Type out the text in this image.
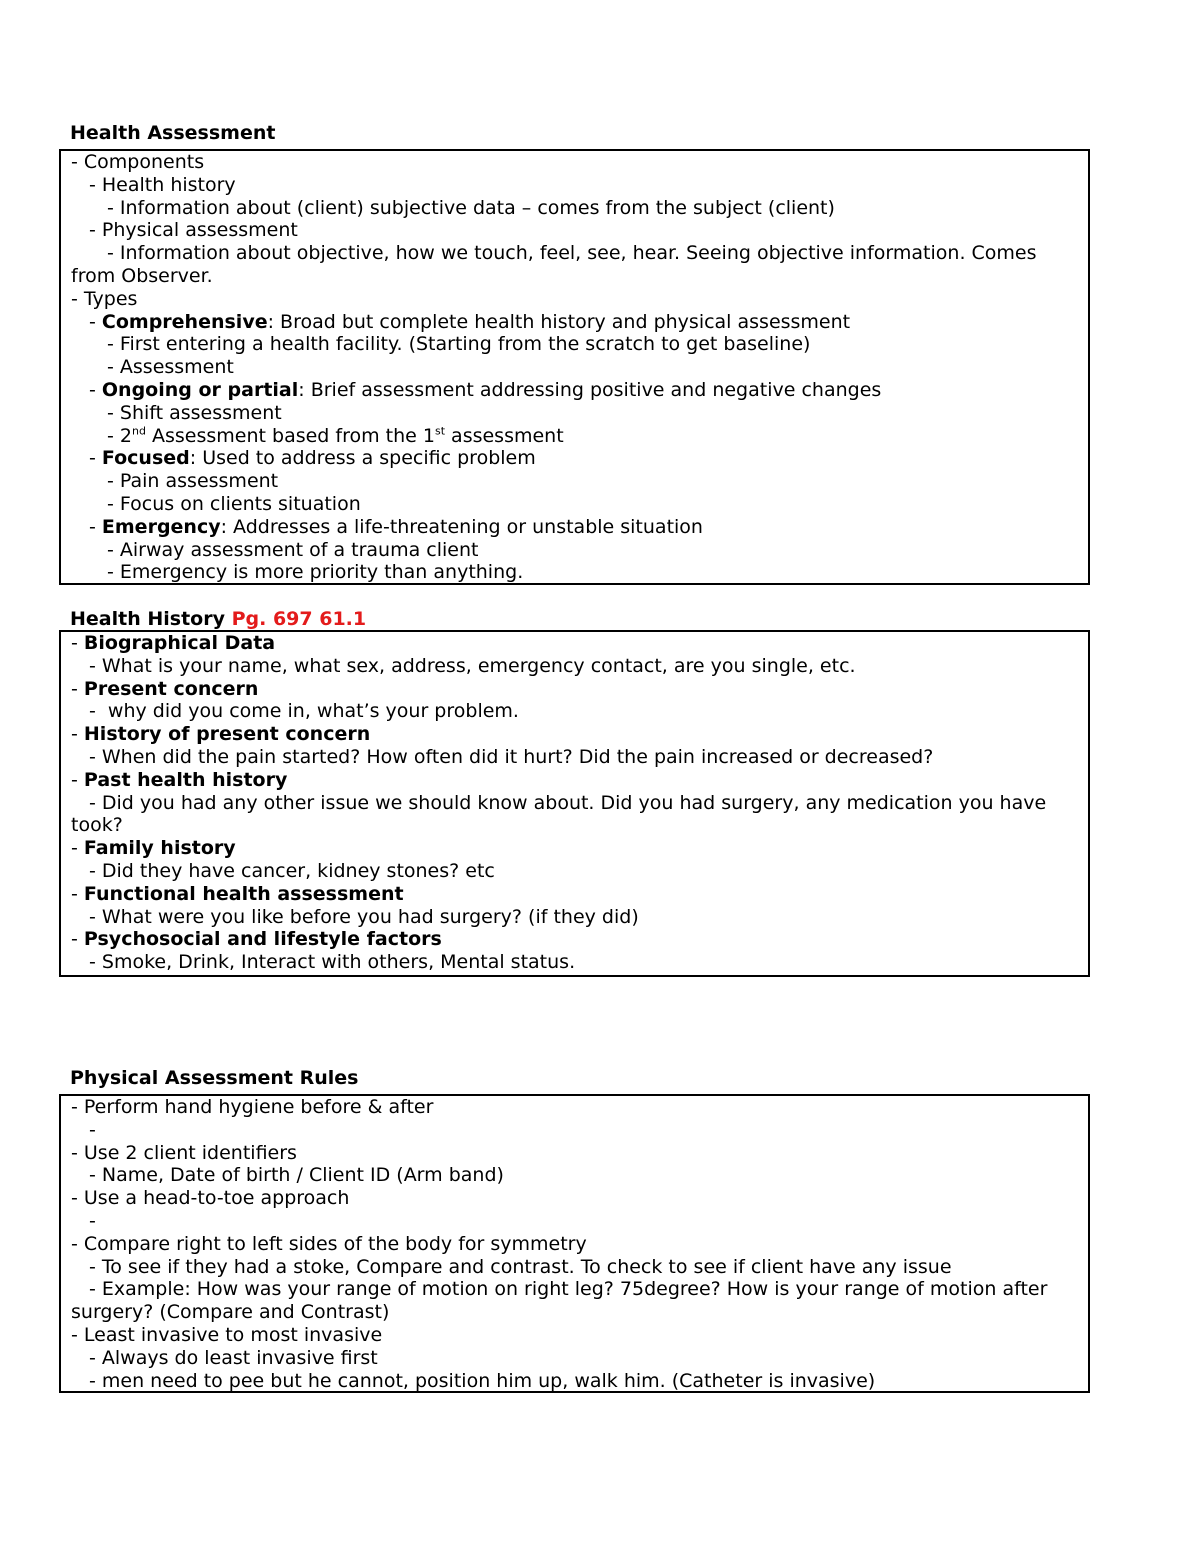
Health Assessment

- Components

- Health history

- Information about (client) subjective data – comes from the subject (client)

- Physical assessment

- Information about objective, how we touch, feel, see, hear. Seeing objective information. Comes from Observer.

- Types

- Comprehensive: Broad but complete health history and physical assessment

- First entering a health facility. (Starting from the scratch to get baseline)

- Assessment

- Ongoing or partial: Brief assessment addressing positive and negative changes

- Shift assessment

- 2nd Assessment based from the 1st assessment

- Focused: Used to address a specific problem

- Pain assessment

- Focus on clients situation

- Emergency: Addresses a life-threatening or unstable situation

- Airway assessment of a trauma client

- Emergency is more priority than anything.

Health History Pg. 697 61.1

- Biographical Data

- What is your name, what sex, address, emergency contact, are you single, etc.

- Present concern

-  why did you come in, what’s your problem.

- History of present concern

- When did the pain started? How often did it hurt? Did the pain increased or decreased?

- Past health history

- Did you had any other issue we should know about. Did you had surgery, any medication you have took?

- Family history

- Did they have cancer, kidney stones? etc

- Functional health assessment

- What were you like before you had surgery? (if they did)

- Psychosocial and lifestyle factors

- Smoke, Drink, Interact with others, Mental status.

Physical Assessment Rules

- Perform hand hygiene before & after

-

- Use 2 client identifiers

- Name, Date of birth / Client ID (Arm band)

- Use a head-to-toe approach

-

- Compare right to left sides of the body for symmetry

- To see if they had a stoke, Compare and contrast. To check to see if client have any issue

- Example: How was your range of motion on right leg? 75degree? How is your range of motion after surgery? (Compare and Contrast)

- Least invasive to most invasive

- Always do least invasive first

- men need to pee but he cannot, position him up, walk him. (Catheter is invasive)
